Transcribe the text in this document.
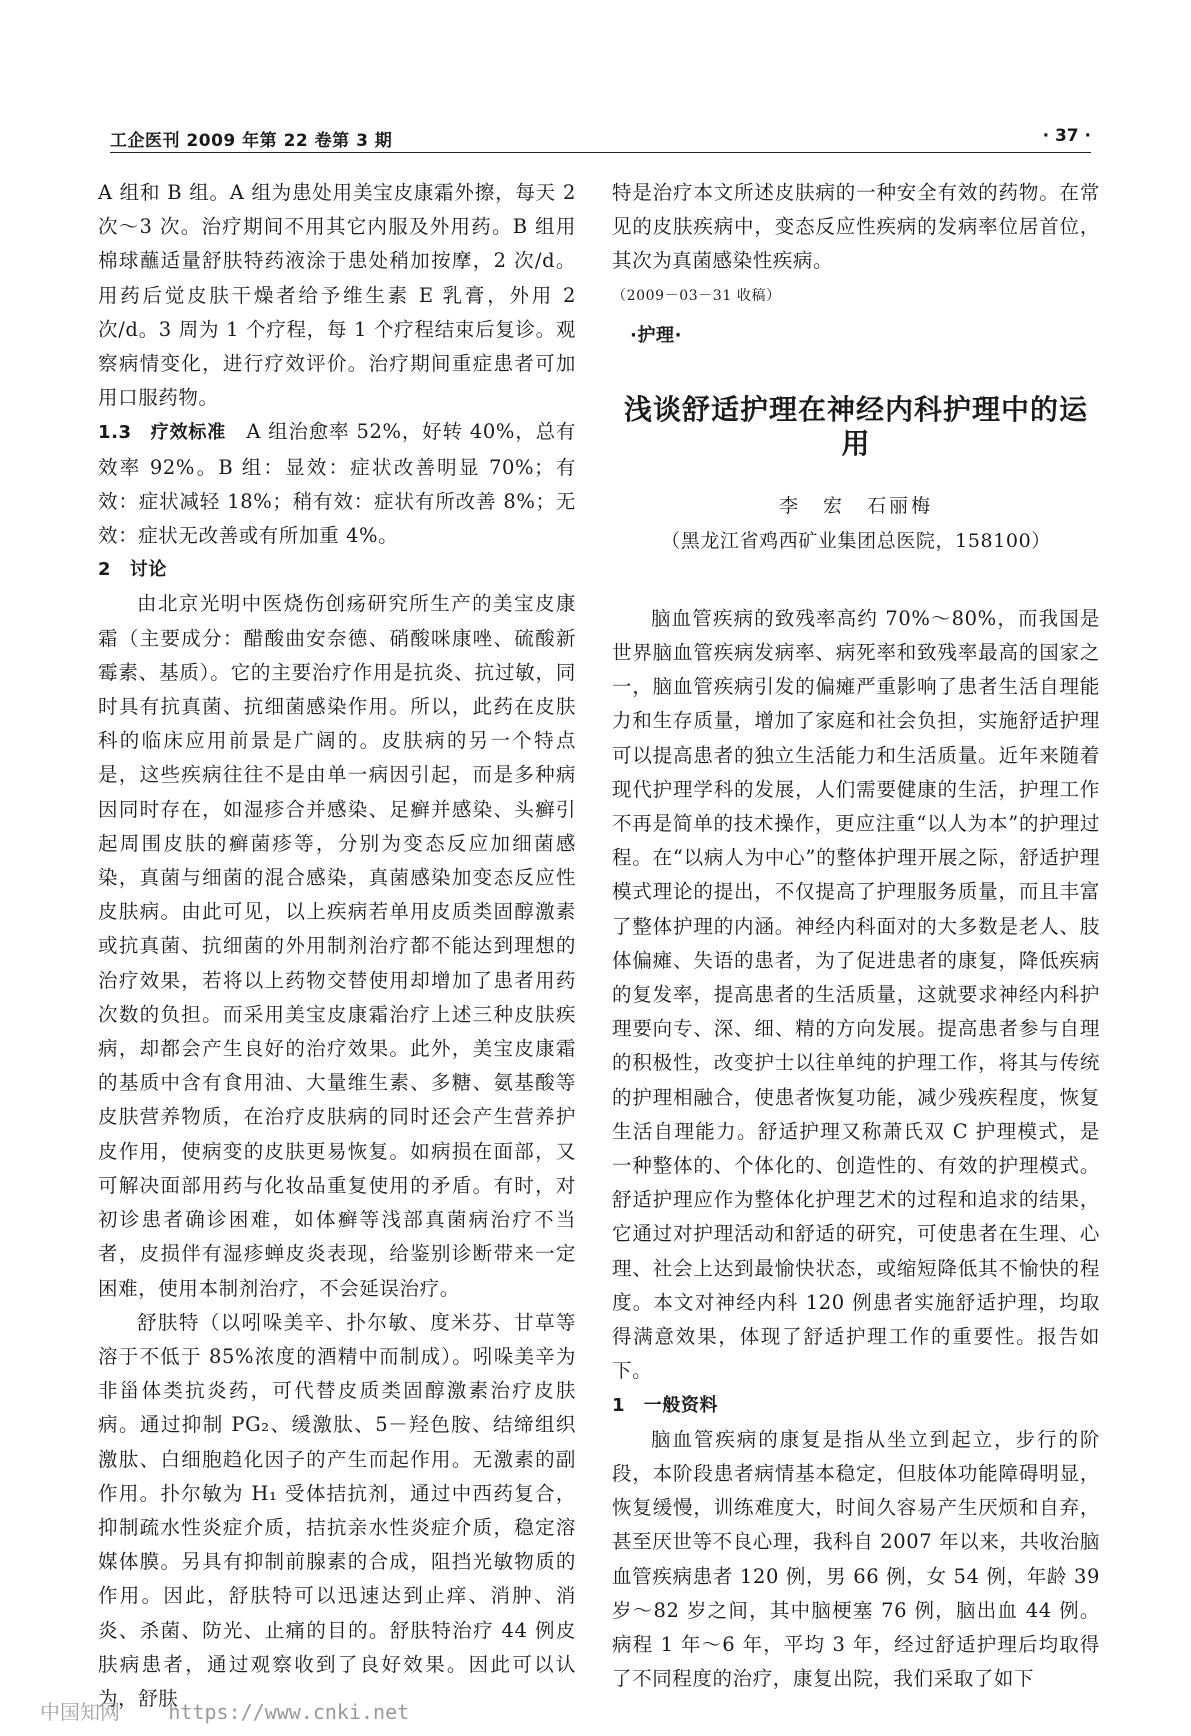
工企医刊 2009 年第 22 卷第 3 期	· 37 ·

A 组和 B 组。A 组为患处用美宝皮康霜外擦，每天 2 次～3 次。治疗期间不用其它内服及外用药。B 组用棉球蘸适量舒肤特药液涂于患处稍加按摩，2 次/d。用药后觉皮肤干燥者给予维生素 E 乳膏，外用 2 次/d。3 周为 1 个疗程，每 1 个疗程结束后复诊。观察病情变化，进行疗效评价。治疗期间重症患者可加用口服药物。

1.3　疗效标准　 A 组治愈率 52%，好转 40%，总有效率 92%。B 组：显效：症状改善明显 70%；有效：症状减轻 18%；稍有效：症状有所改善 8%；无效：症状无改善或有所加重 4%。

2　讨论

由北京光明中医烧伤创疡研究所生产的美宝皮康霜（主要成分：醋酸曲安奈德、硝酸咪康唑、硫酸新霉素、基质）。它的主要治疗作用是抗炎、抗过敏，同时具有抗真菌、抗细菌感染作用。所以，此药在皮肤科的临床应用前景是广阔的。皮肤病的另一个特点是，这些疾病往往不是由单一病因引起，而是多种病因同时存在，如湿疹合并感染、足癣并感染、头癣引起周围皮肤的癣菌疹等，分别为变态反应加细菌感染，真菌与细菌的混合感染，真菌感染加变态反应性皮肤病。由此可见，以上疾病若单用皮质类固醇激素或抗真菌、抗细菌的外用制剂治疗都不能达到理想的治疗效果，若将以上药物交替使用却增加了患者用药次数的负担。而采用美宝皮康霜治疗上述三种皮肤疾病，却都会产生良好的治疗效果。此外，美宝皮康霜的基质中含有食用油、大量维生素、多糖、氨基酸等皮肤营养物质，在治疗皮肤病的同时还会产生营养护皮作用，使病变的皮肤更易恢复。如病损在面部，又可解决面部用药与化妆品重复使用的矛盾。有时，对初诊患者确诊困难，如体癣等浅部真菌病治疗不当者，皮损伴有湿疹蝉皮炎表现，给鉴别诊断带来一定困难，使用本制剂治疗，不会延误治疗。

舒肤特（以吲哚美辛、扑尔敏、度米芬、甘草等溶于不低于 85%浓度的酒精中而制成）。吲哚美辛为非甾体类抗炎药，可代替皮质类固醇激素治疗皮肤病。通过抑制 PG₂、缓激肽、5－羟色胺、结缔组织激肽、白细胞趋化因子的产生而起作用。无激素的副作用。扑尔敏为 H₁ 受体拮抗剂，通过中西药复合，抑制疏水性炎症介质，拮抗亲水性炎症介质，稳定溶媒体膜。另具有抑制前腺素的合成，阻挡光敏物质的作用。因此，舒肤特可以迅速达到止痒、消肿、消炎、杀菌、防光、止痛的目的。舒肤特治疗 44 例皮肤病患者，通过观察收到了良好效果。因此可以认为，舒肤

特是治疗本文所述皮肤病的一种安全有效的药物。在常见的皮肤疾病中，变态反应性疾病的发病率位居首位，其次为真菌感染性疾病。

（2009－03－31 收稿）

·护理·

浅谈舒适护理在神经内科护理中的运用

李　宏　石丽梅

（黑龙江省鸡西矿业集团总医院，158100）

脑血管疾病的致残率高约 70%～80%，而我国是世界脑血管疾病发病率、病死率和致残率最高的国家之一，脑血管疾病引发的偏瘫严重影响了患者生活自理能力和生存质量，增加了家庭和社会负担，实施舒适护理可以提高患者的独立生活能力和生活质量。近年来随着现代护理学科的发展，人们需要健康的生活，护理工作不再是简单的技术操作，更应注重“以人为本”的护理过程。在“以病人为中心”的整体护理开展之际，舒适护理模式理论的提出，不仅提高了护理服务质量，而且丰富了整体护理的内涵。神经内科面对的大多数是老人、肢体偏瘫、失语的患者，为了促进患者的康复，降低疾病的复发率，提高患者的生活质量，这就要求神经内科护理要向专、深、细、精的方向发展。提高患者参与自理的积极性，改变护士以往单纯的护理工作，将其与传统的护理相融合，使患者恢复功能，减少残疾程度，恢复生活自理能力。舒适护理又称萧氏双 C 护理模式，是一种整体的、个体化的、创造性的、有效的护理模式。舒适护理应作为整体化护理艺术的过程和追求的结果，它通过对护理活动和舒适的研究，可使患者在生理、心理、社会上达到最愉快状态，或缩短降低其不愉快的程度。本文对神经内科 120 例患者实施舒适护理，均取得满意效果，体现了舒适护理工作的重要性。报告如下。

1　一般资料

脑血管疾病的康复是指从坐立到起立，步行的阶段，本阶段患者病情基本稳定，但肢体功能障碍明显，恢复缓慢，训练难度大，时间久容易产生厌烦和自弃，甚至厌世等不良心理，我科自 2007 年以来，共收治脑血管疾病患者 120 例，男 66 例，女 54 例，年龄 39 岁～82 岁之间，其中脑梗塞 76 例，脑出血 44 例。病程 1 年～6 年，平均 3 年，经过舒适护理后均取得了不同程度的治疗，康复出院，我们采取了如下

中国知网 https://www.cnki.net
